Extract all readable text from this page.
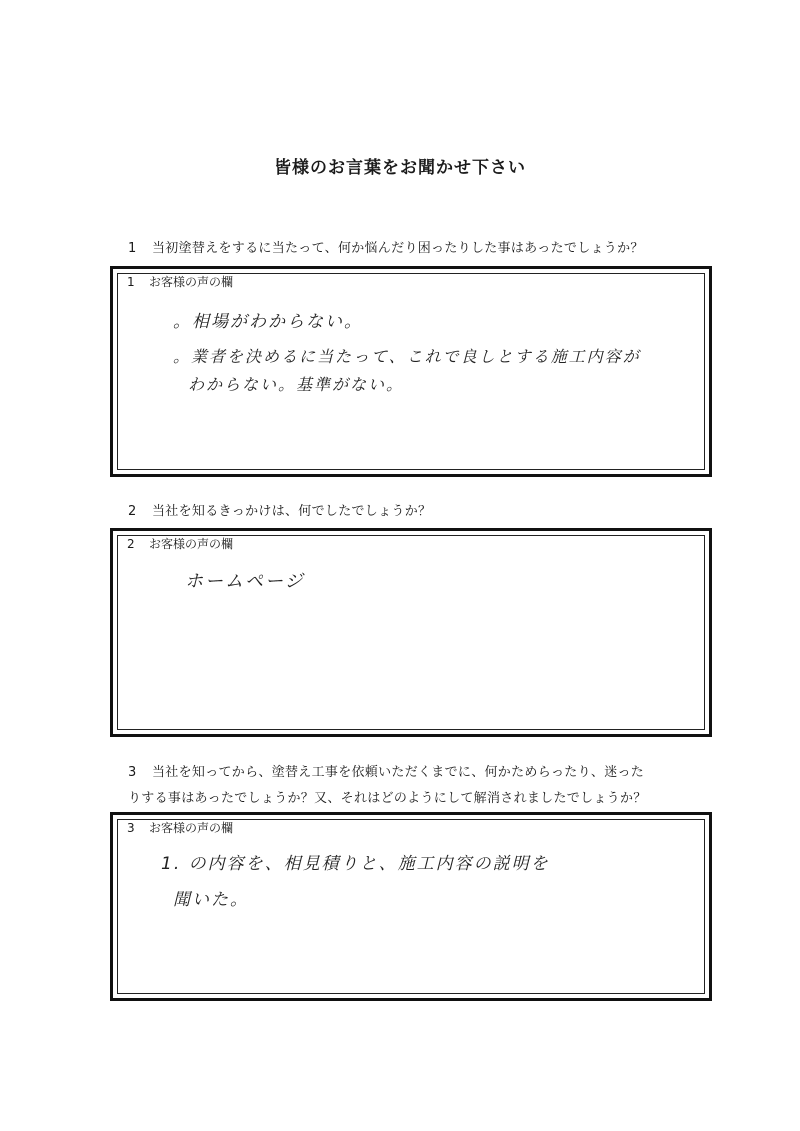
皆様のお言葉をお聞かせ下さい
1 当初塗替えをするに当たって、何か悩んだり困ったりした事はあったでしょうか？
1 お客様の声の欄
。相場がわからない。
。業者を決めるに当たって、これで良しとする施工内容が
わからない。基準がない。
2 当社を知るきっかけは、何でしたでしょうか？
2 お客様の声の欄
ホームページ
3 当社を知ってから、塗替え工事を依頼いただくまでに、何かためらったり、迷った
りする事はあったでしょうか？又、それはどのようにして解消されましたでしょうか？
3 お客様の声の欄
1. の内容を、相見積りと、施工内容の説明を
聞いた。
